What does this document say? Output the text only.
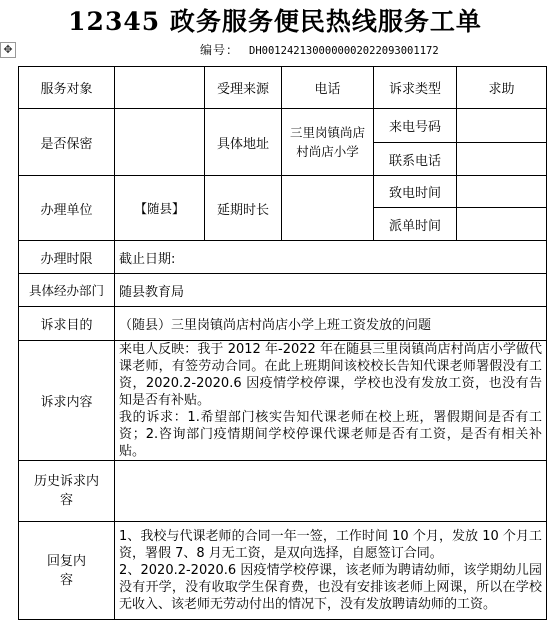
12345 政务服务便民热线服务工单
✥	编号： DH001242130000000202209300117​2
服务对象		受理来源	电话	诉求类型	求助
是否保密		具体地址	三里岗镇尚店村尚店小学	来电号码	
				联系电话	
办理单位	【随县】	延期时长		致电时间	
				派单时间	
办理时限	截止日期:				
具体经办部门	随县教育局				
诉求目的	（随县）三里岗镇尚店村尚店小学上班工资发放的问题				
诉求内容	来电人反映：我于 2012 年-2022 年在随县三里岗镇尚店村尚店小学做代课老师，有签劳动合同。在此上班期间该校校长告知代课老师署假没有工资，2020.2-2020.6 因疫情学校停课，学校也没有发放工资，也没有告知是否有补贴。

我的诉求：1.希望部门核实告知代课老师在校上班，署假期间是否有工资；2.咨询部门疫情期间学校停课代课老师是否有工资，是否有相关补贴。				

历史诉求内容					
回复内容	1、我校与代课老师的合同一年一签，工作时间 10 个月，发放 10 个月工资，署假 7、8 月无工资，是双向选择，自愿签订合同。

2、2020.2-2020.6 因疫情学校停课，该老师为聘请幼师，该学期幼儿园没有开学，没有收取学生保育费，也没有安排该老师上网课，所以在学校无收入、该老师无劳动付出的情况下，没有发放聘请幼师的工资。				
